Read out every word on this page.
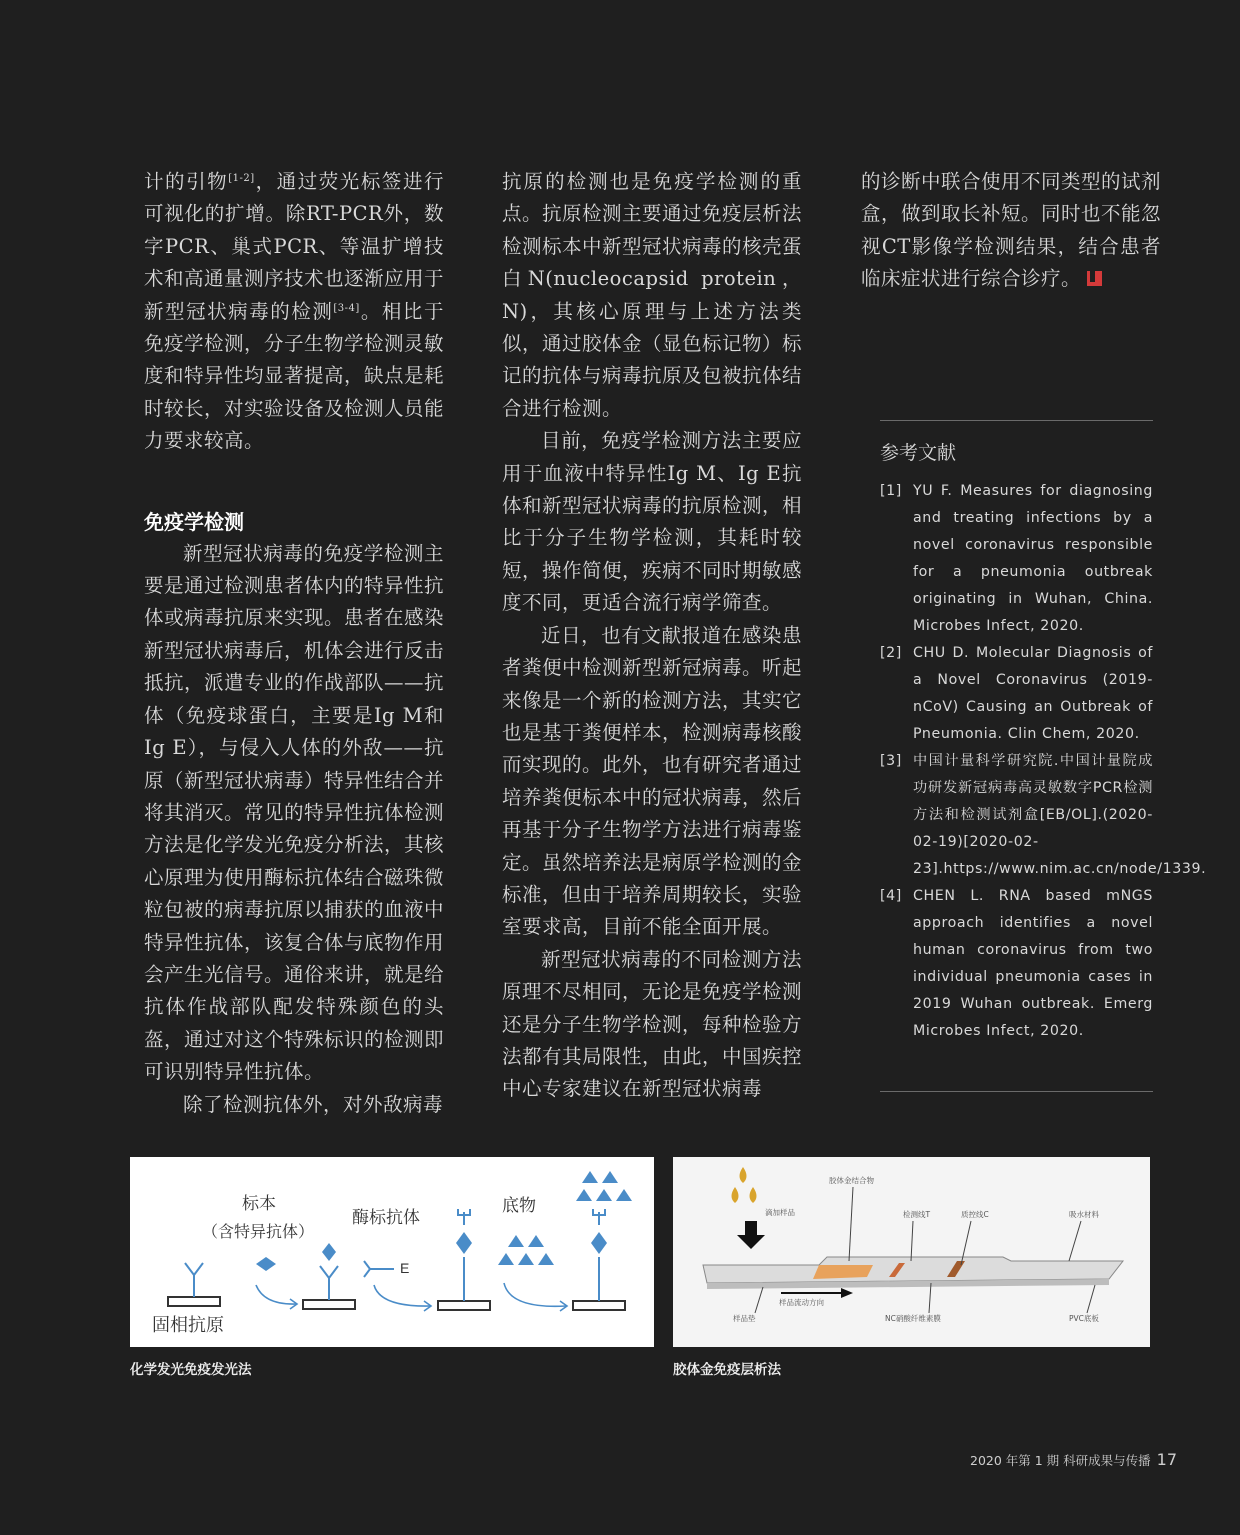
计的引物[1-2]，通过荧光标签进行可视化的扩增。除RT-PCR外，数字PCR、巢式PCR、等温扩增技术和高通量测序技术也逐渐应用于新型冠状病毒的检测[3-4]。相比于免疫学检测，分子生物学检测灵敏度和特异性均显著提高，缺点是耗时较长，对实验设备及检测人员能力要求较高。

免疫学检测

新型冠状病毒的免疫学检测主要是通过检测患者体内的特异性抗体或病毒抗原来实现。患者在感染新型冠状病毒后，机体会进行反击抵抗，派遣专业的作战部队——抗体（免疫球蛋白，主要是Ig M和Ig E），与侵入人体的外敌——抗原（新型冠状病毒）特异性结合并将其消灭。常见的特异性抗体检测方法是化学发光免疫分析法，其核心原理为使用酶标抗体结合磁珠微粒包被的病毒抗原以捕获的血液中特异性抗体，该复合体与底物作用会产生光信号。通俗来讲，就是给抗体作战部队配发特殊颜色的头盔，通过对这个特殊标识的检测即可识别特异性抗体。

除了检测抗体外，对外敌病毒

抗原的检测也是免疫学检测的重点。抗原检测主要通过免疫层析法检测标本中新型冠状病毒的核壳蛋白N(nucleocapsid protein，N)，其核心原理与上述方法类似，通过胶体金（显色标记物）标记的抗体与病毒抗原及包被抗体结合进行检测。

目前，免疫学检测方法主要应用于血液中特异性Ig M、Ig E抗体和新型冠状病毒的抗原检测，相比于分子生物学检测，其耗时较短，操作简便，疾病不同时期敏感度不同，更适合流行病学筛查。

近日，也有文献报道在感染患者粪便中检测新型新冠病毒。听起来像是一个新的检测方法，其实它也是基于粪便样本，检测病毒核酸而实现的。此外，也有研究者通过培养粪便标本中的冠状病毒，然后再基于分子生物学方法进行病毒鉴定。虽然培养法是病原学检测的金标准，但由于培养周期较长，实验室要求高，目前不能全面开展。

新型冠状病毒的不同检测方法原理不尽相同，无论是免疫学检测还是分子生物学检测，每种检验方法都有其局限性，由此，中国疾控中心专家建议在新型冠状病毒

的诊断中联合使用不同类型的试剂盒，做到取长补短。同时也不能忽视CT影像学检测结果，结合患者临床症状进行综合诊疗。

参考文献
[1] YU F. Measures for diagnosing and treating infections by a novel coronavirus responsible for a pneumonia outbreak originating in Wuhan, China. Microbes Infect, 2020.
[2] CHU D. Molecular Diagnosis of a Novel Coronavirus (2019-nCoV) Causing an Outbreak of Pneumonia. Clin Chem, 2020.
[3] 中国计量科学研究院.中国计量院成功研发新冠病毒高灵敏数字PCR检测方法和检测试剂盒[EB/OL].(2020-02-19)[2020-02-23].https://www.nim.ac.cn/node/1339.
[4] CHEN L. RNA based mNGS approach identifies a novel human coronavirus from two individual pneumonia cases in 2019 Wuhan outbreak. Emerg Microbes Infect, 2020.
标本
（含特异抗体）
酶标抗体
底物
固相抗原
E
化学发光免疫发光法
胶体金结合物
滴加样品	检测线T	质控线C	吸水材料
样品垫
样品流动方向
NC硝酸纤维素膜	PVC底板
胶体金免疫层析法
2020 年第 1 期 科研成果与传播 17
